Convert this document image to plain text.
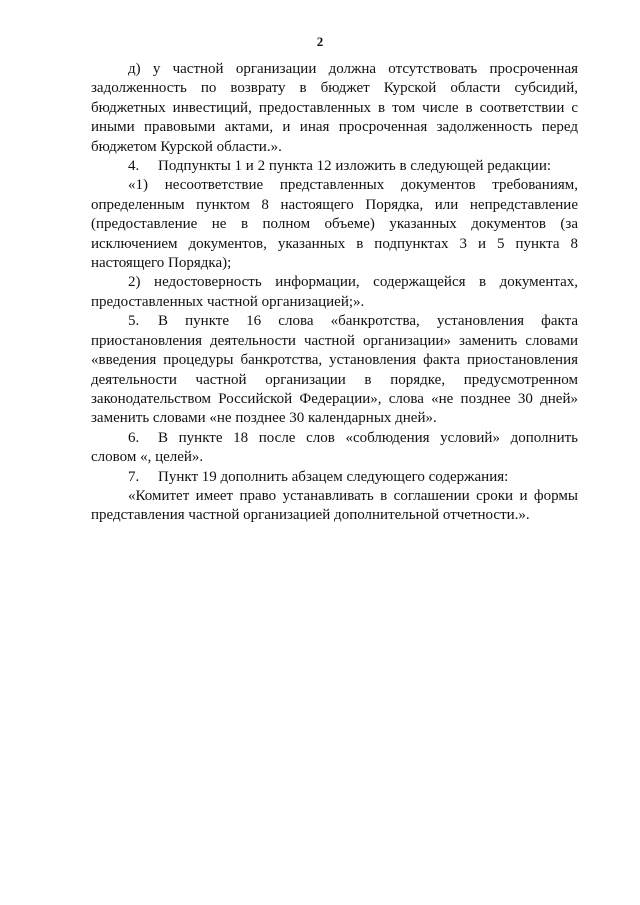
2

д) у частной организации должна отсутствовать просроченная задолженность по возврату в бюджет Курской области субсидий, бюджетных инвестиций, предоставленных в том числе в соответствии с иными правовыми актами, и иная просроченная задолженность перед бюджетом Курской области.».

4. Подпункты 1 и 2 пункта 12 изложить в следующей редакции:

«1) несоответствие представленных документов требованиям, определенным пунктом 8 настоящего Порядка, или непредставление (предоставление не в полном объеме) указанных документов (за исключением документов, указанных в подпунктах 3 и 5 пункта 8 настоящего Порядка);

2) недостоверность информации, содержащейся в документах, предоставленных частной организацией;».

5. В пункте 16 слова «банкротства, установления факта приостановления деятельности частной организации» заменить словами «введения процедуры банкротства, установления факта приостановления деятельности частной организации в порядке, предусмотренном законодательством Российской Федерации», слова «не позднее 30 дней» заменить словами «не позднее 30 календарных дней».

6. В пункте 18 после слов «соблюдения условий» дополнить словом «, целей».

7. Пункт 19 дополнить абзацем следующего содержания:

«Комитет имеет право устанавливать в соглашении сроки и формы представления частной организацией дополнительной отчетности.».
